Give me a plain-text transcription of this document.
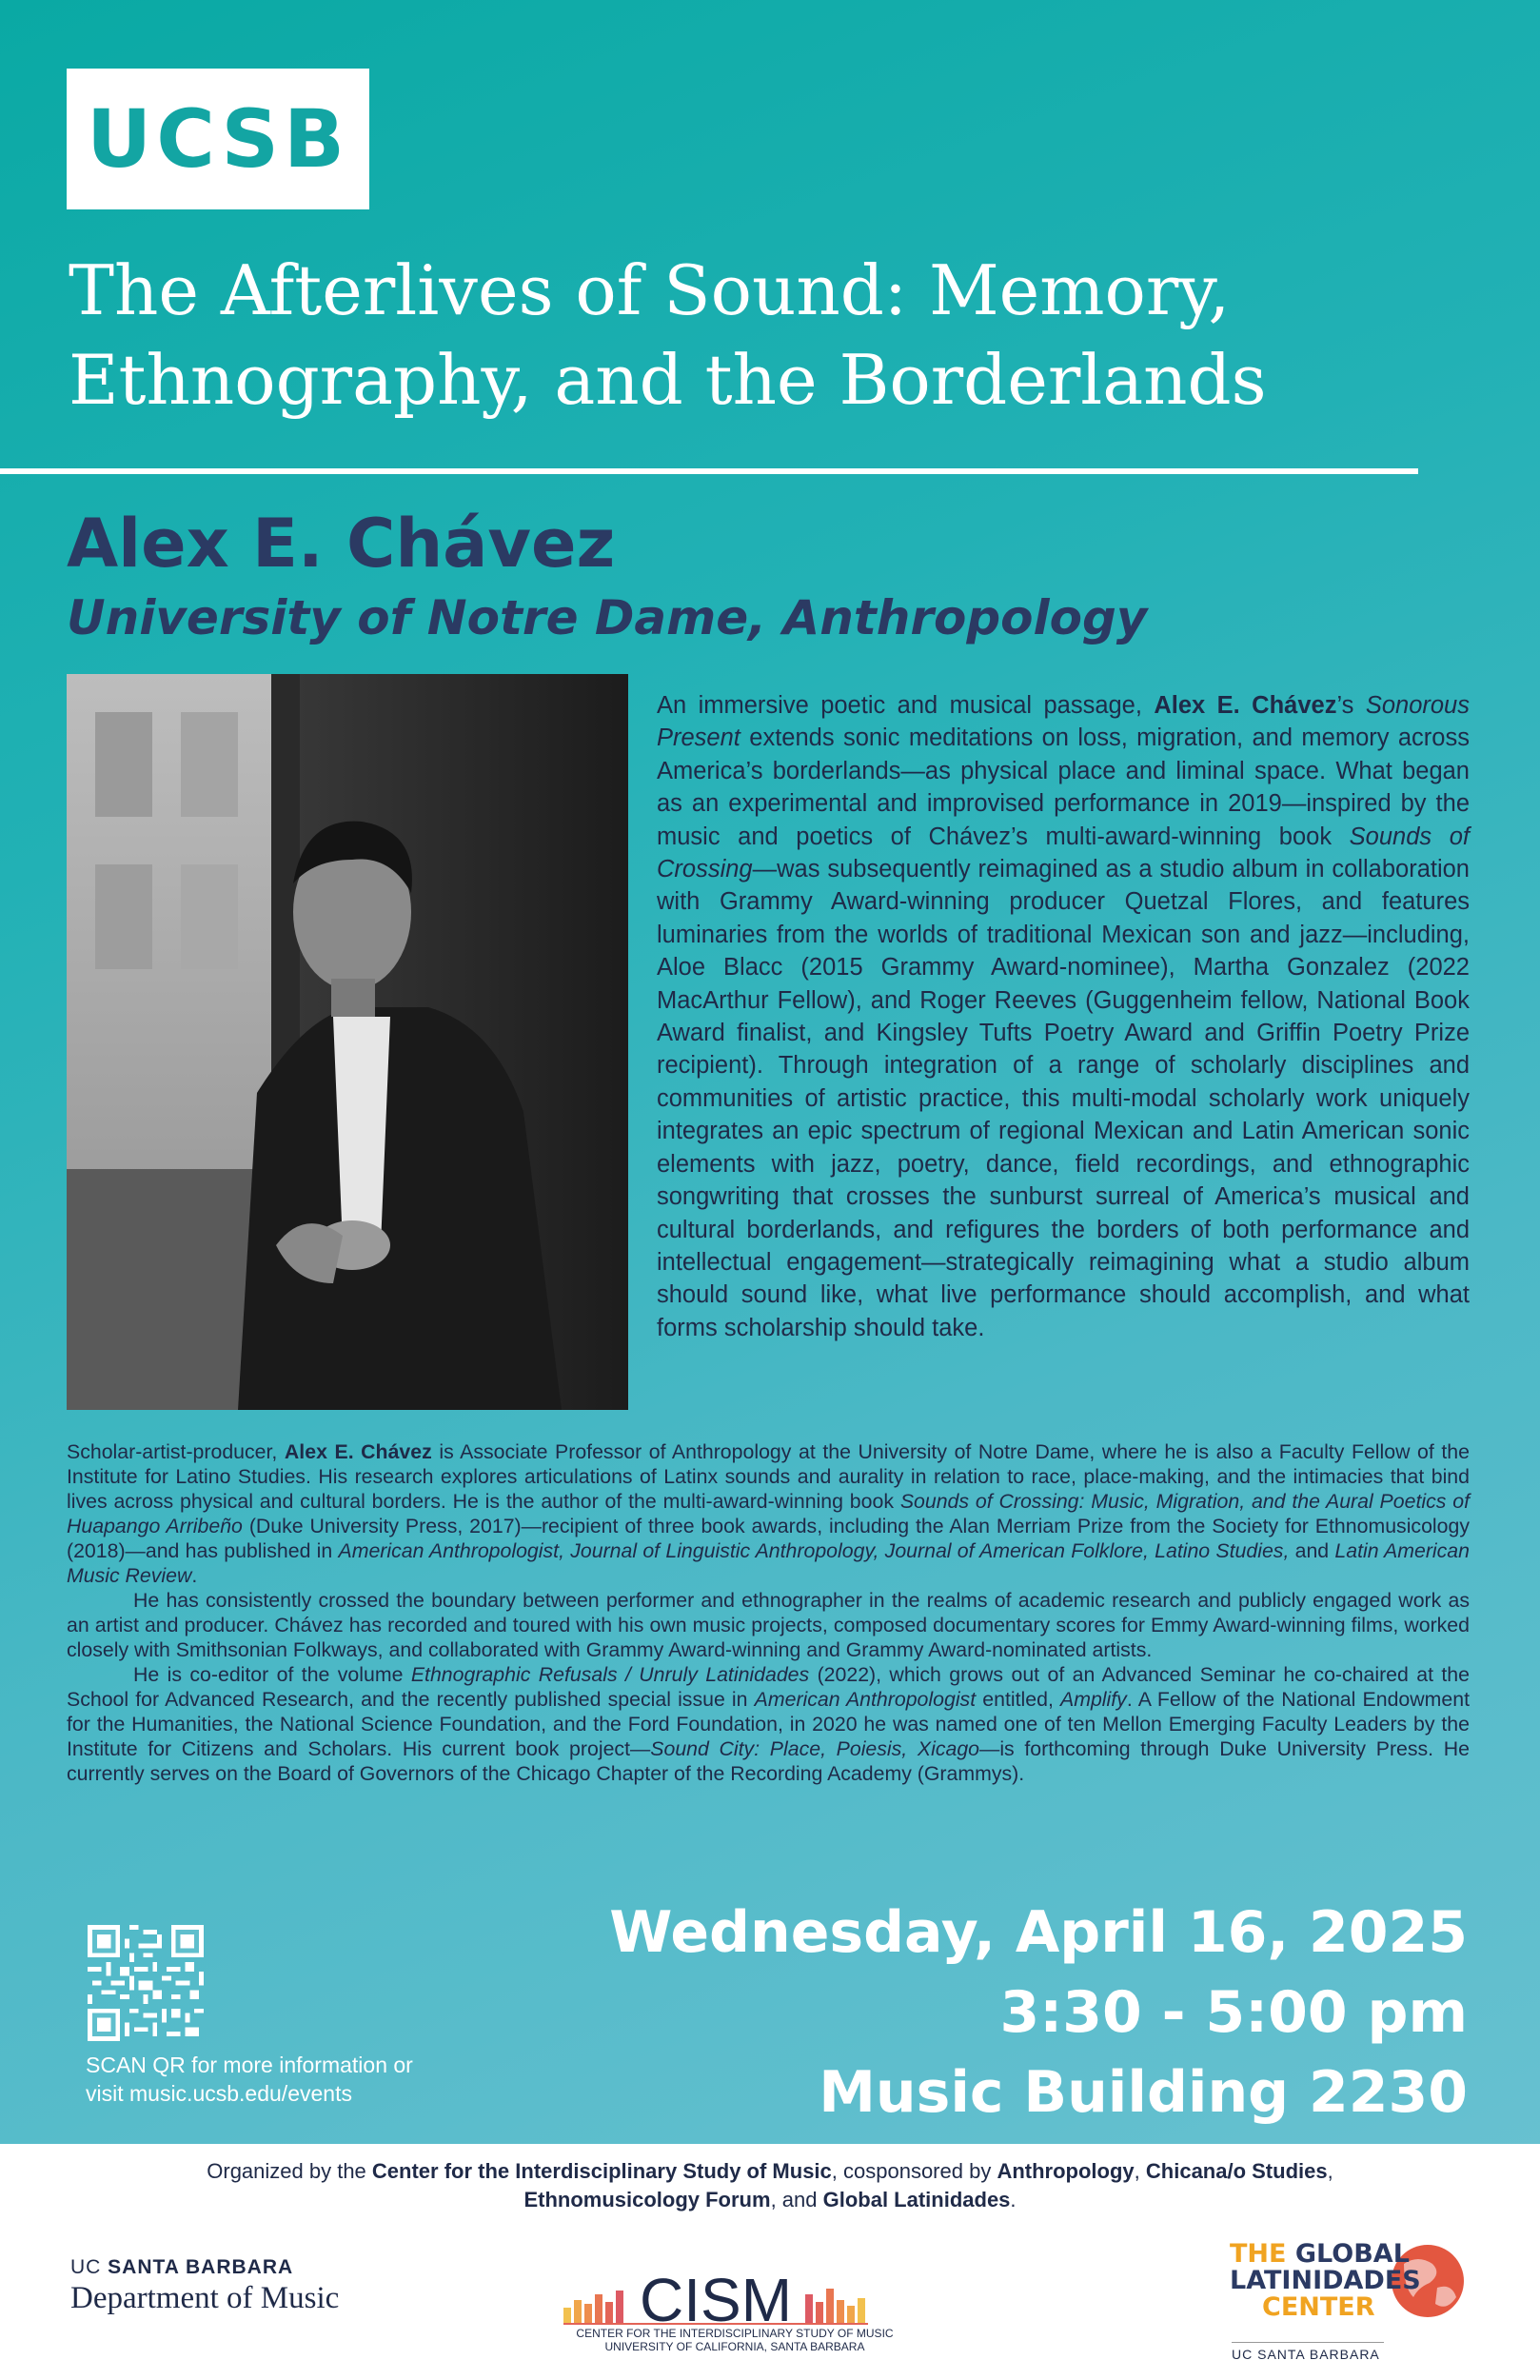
UCSB
The Afterlives of Sound: Memory,
Ethnography, and the Borderlands
Alex E. Chávez
University of Notre Dame, Anthropology
An immersive poetic and musical passage, Alex E. Chávez’s Sonorous Present extends sonic meditations on loss, migration, and memory across America’s borderlands—as physical place and liminal space. What began as an experimental and improvised performance in 2019—inspired by the music and poetics of Chávez’s multi-award-winning book Sounds of Crossing—was subsequently reimagined as a studio album in collaboration with Grammy Award-winning producer Quetzal Flores, and features luminaries from the worlds of traditional Mexican son and jazz—including, Aloe Blacc (2015 Grammy Award-nominee), Martha Gonzalez (2022 MacArthur Fellow), and Roger Reeves (Guggenheim fellow, National Book Award finalist, and Kingsley Tufts Poetry Award and Griffin Poetry Prize recipient). Through integration of a range of scholarly disciplines and communities of artistic practice, this multi-modal scholarly work uniquely integrates an epic spectrum of regional Mexican and Latin American sonic elements with jazz, poetry, dance, field recordings, and ethnographic songwriting that crosses the sunburst surreal of America’s musical and cultural borderlands, and refigures the borders of both performance and intellectual engagement—strategically reimagining what a studio album should sound like, what live performance should accomplish, and what forms scholarship should take.

Scholar-artist-producer, Alex E. Chávez is Associate Professor of Anthropology at the University of Notre Dame, where he is also a Faculty Fellow of the Institute for Latino Studies. His research explores articulations of Latinx sounds and aurality in relation to race, place-making, and the intimacies that bind lives across physical and cultural borders. He is the author of the multi-award-winning book Sounds of Crossing: Music, Migration, and the Aural Poetics of Huapango Arribeño (Duke University Press, 2017)—recipient of three book awards, including the Alan Merriam Prize from the Society for Ethnomusicology (2018)—and has published in American Anthropologist, Journal of Linguistic Anthropology, Journal of American Folklore, Latino Studies, and Latin American Music Review.

He has consistently crossed the boundary between performer and ethnographer in the realms of academic research and publicly engaged work as an artist and producer. Chávez has recorded and toured with his own music projects, composed documentary scores for Emmy Award-winning films, worked closely with Smithsonian Folkways, and collaborated with Grammy Award-winning and Grammy Award-nominated artists.

He is co-editor of the volume Ethnographic Refusals / Unruly Latinidades (2022), which grows out of an Advanced Seminar he co-chaired at the School for Advanced Research, and the recently published special issue in American Anthropologist entitled, Amplify. A Fellow of the National Endowment for the Humanities, the National Science Foundation, and the Ford Foundation, in 2020 he was named one of ten Mellon Emerging Faculty Leaders by the Institute for Citizens and Scholars. His current book project—Sound City: Place, Poiesis, Xicago—is forthcoming through Duke University Press. He currently serves on the Board of Governors of the Chicago Chapter of the Recording Academy (Grammys).

SCAN QR for more information or
visit music.ucsb.edu/events
Wednesday, April 16, 2025
3:30 - 5:00 pm
Music Building 2230
Organized by the Center for the Interdisciplinary Study of Music, cosponsored by Anthropology, Chicana/o Studies,
Ethnomusicology Forum, and Global Latinidades.
UC SANTA BARBARA
Department of Music	CISM
CENTER FOR THE INTERDISCIPLINARY STUDY OF MUSIC
UNIVERSITY OF CALIFORNIA, SANTA BARBARA
THE GLOBAL
LATINIDADES
CENTER
UC SANTA BARBARA
